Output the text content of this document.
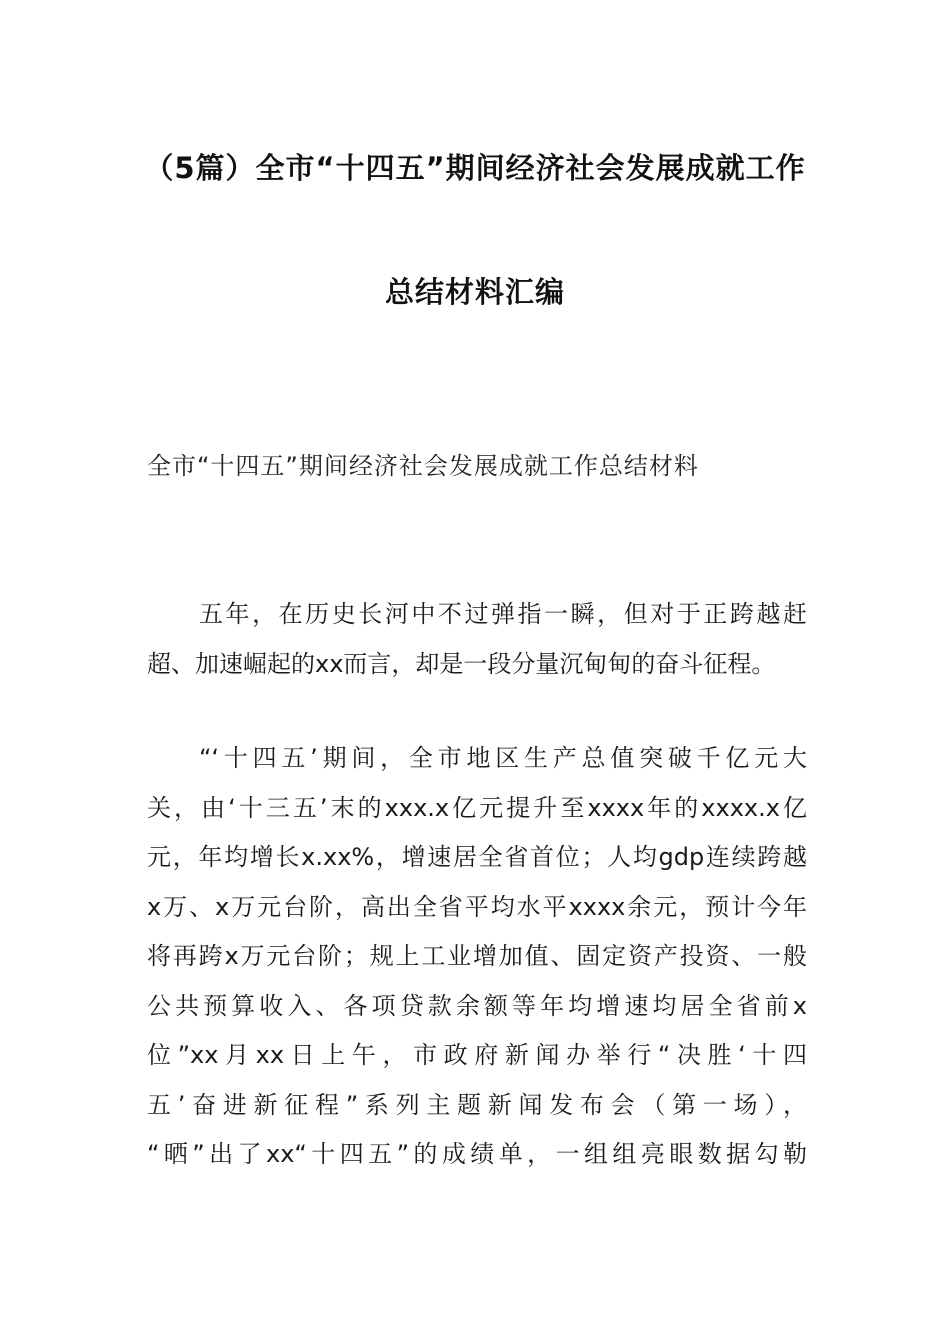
（5篇）全市“十四五”期间经济社会发展成就工作
总结材料汇编
全市“十四五”期间经济社会发展成就工作总结材料
五年，在历史长河中不过弹指一瞬，但对于正跨越赶
超、加速崛起的xx而言，却是一段分量沉甸甸的奋斗征程。
“‘十四五’期间，全市地区生产总值突破千亿元大
关，由‘十三五’末的xxx.x亿元提升至xxxx年的xxxx.x亿
元，年均增长x.xx%，增速居全省首位；人均gdp连续跨越
x万、x万元台阶，高出全省平均水平xxxx余元，预计今年
将再跨x万元台阶；规上工业增加值、固定资产投资、一般
公共预算收入、各项贷款余额等年均增速均居全省前x
位”xx月xx日上午，市政府新闻办举行“决胜‘十四
五’奋进新征程”系列主题新闻发布会（第一场），
“晒”出了xx“十四五”的成绩单，一组组亮眼数据勾勒
